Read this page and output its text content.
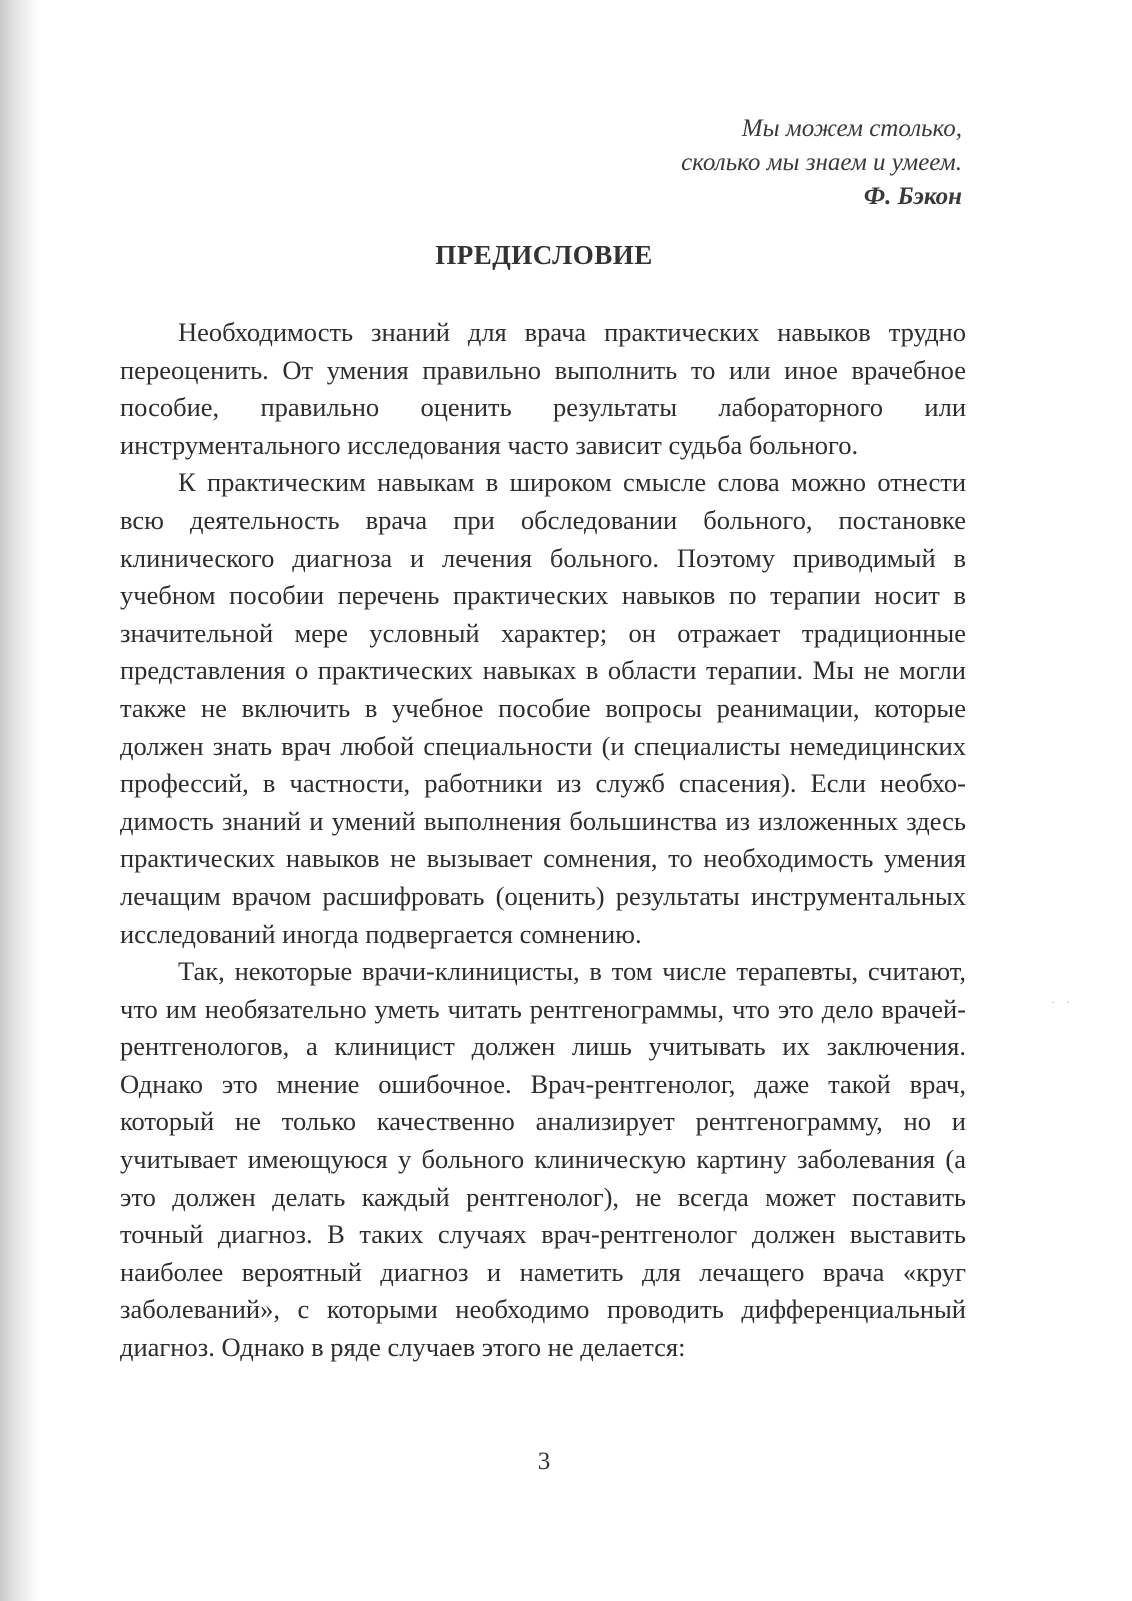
Мы можем столько,
сколько мы знаем и умеем.
Ф. Бэкон
ПРЕДИСЛОВИЕ

Необходимость знаний для врача практических навыков трудно переоценить. От умения правильно выполнить то или иное врачебное пособие, правильно оценить результаты лабораторного или инструментального исследования часто зависит судьба больного.

К практическим навыкам в широком смысле слова можно отнести всю деятельность врача при обследовании больного, постановке клинического диагноза и лечения больного. Поэтому приводимый в учебном пособии перечень практических навыков по терапии носит в значительной мере условный характер; он отражает традиционные представления о практических навыках в области терапии. Мы не могли также не включить в учебное пособие вопросы реанимации, которые должен знать врач любой специальности (и специалисты немедицинских профессий, в частности, работники из служб спасения). Если необходимость знаний и умений выполнения большинства из изложенных здесь практических навыков не вызывает сомнения, то необходимость умения лечащим врачом расшифровать (оценить) результаты инструментальных исследований иногда подвергается сомнению.

Так, некоторые врачи-клиницисты, в том числе терапевты, считают, что им необязательно уметь читать рентгенограммы, что это дело врачей-рентгенологов, а клиницист должен лишь учитывать их заключения. Однако это мнение ошибочное. Врач-рентгенолог, даже такой врач, который не только качественно анализирует рентгенограмму, но и учитывает имеющуюся у больного клиническую картину заболевания (а это должен делать каждый рентгенолог), не всегда может поставить точный диагноз. В таких случаях врач-рентгенолог должен выставить наиболее вероятный диагноз и наметить для лечащего врача «круг заболеваний», с которыми необходимо проводить дифференциальный диагноз. Однако в ряде случаев этого не делается:

3
· ·
